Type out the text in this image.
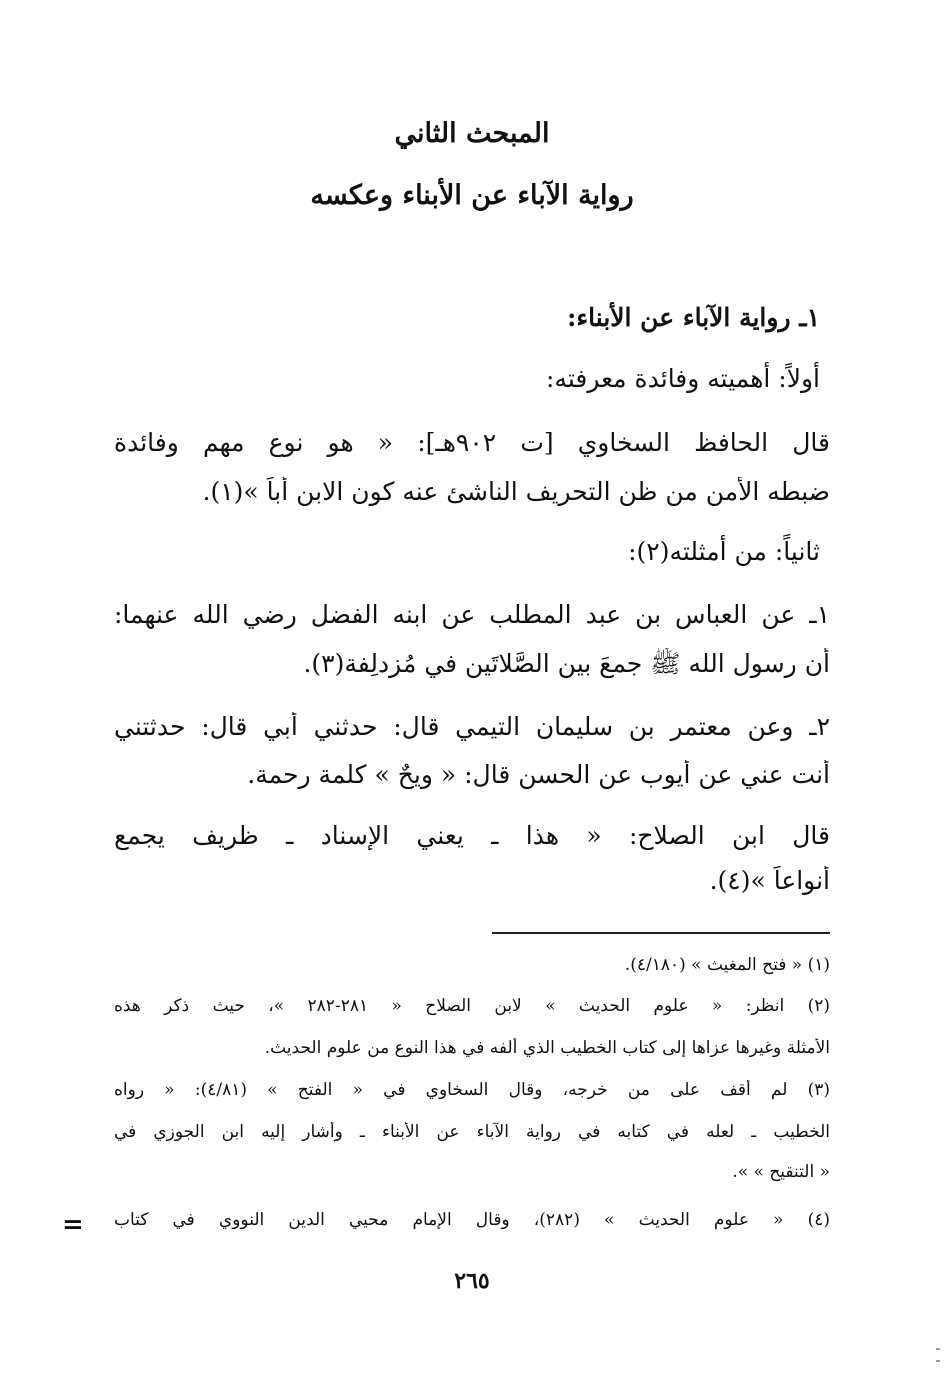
المبحث الثاني
رواية الآباء عن الأبناء وعكسه
١ـ رواية الآباء عن الأبناء:
أولاً: أهميته وفائدة معرفته:
قال الحافظ السخاوي [ت ٩٠٢هـ]: « هو نوع مهم وفائدة
ضبطه الأمن من ظن التحريف الناشئ عنه كون الابن أباً »(١).
ثانياً: من أمثلته(٢):
١ـ عن العباس بن عبد المطلب عن ابنه الفضل رضي الله عنهما:
أن رسول الله ﷺ جمعَ بين الصَّلاتَين في مُزدلِفة(٣).
٢ـ وعن معتمر بن سليمان التيمي قال: حدثني أبي قال: حدثتني
أنت عني عن أيوب عن الحسن قال: « ويحٌ » كلمة رحمة.
قال ابن الصلاح: « هذا ـ يعني الإسناد ـ ظريف يجمع
أنواعاً »(٤).
(١) « فتح المغيث » (٤/١٨٠).
(٢) انظر: « علوم الحديث » لابن الصلاح « ٢٨١-٢٨٢ »، حيث ذكر هذه
الأمثلة وغيرها عزاها إلى كتاب الخطيب الذي ألفه في هذا النوع من علوم الحديث.
(٣) لم أقف على من خرجه، وقال السخاوي في « الفتح » (٤/٨١): « رواه
الخطيب ـ لعله في كتابه في رواية الآباء عن الأبناء ـ وأشار إليه ابن الجوزي في
« التنقيح » ».
(٤) « علوم الحديث » (٢٨٢)، وقال الإمام محيي الدين النووي في كتاب
=
٢٦٥
